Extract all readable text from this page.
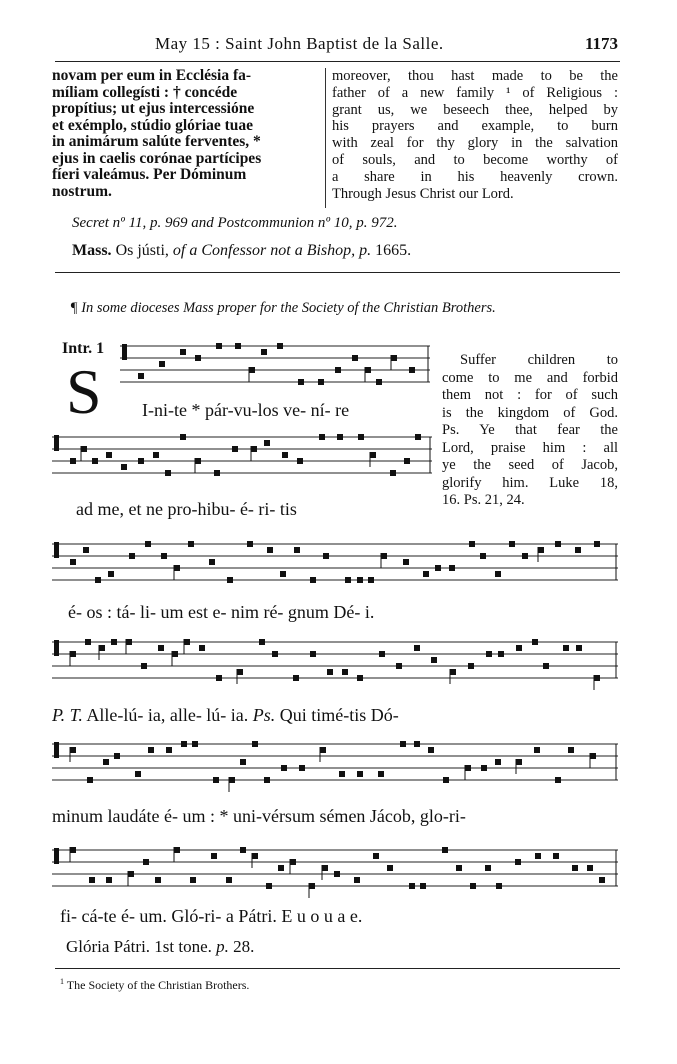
May 15 : Saint John Baptist de la Salle.	1173
novam per eum in Ecclésia fa-
míliam collegísti : † concéde
propítius; ut ejus intercessióne
et exémplo, stúdio glóriae tuae
in animárum salúte ferventes, *
ejus in caelis corónae partícipes
fíeri valeámus. Per Dóminum
nostrum.
moreover, thou hast made to be the
father of a new family ¹ of Religious :
grant us, we beseech thee, helped by
his prayers and example, to burn
with zeal for thy glory in the salvation
of souls, and to become worthy of
a share in his heavenly crown.
Through Jesus Christ our Lord.
Secret nº 11, p. 969 and Postcommunion nº 10, p. 972.
Mass. Os jústi, of a Confessor not a Bishop, p. 1665.
¶ In some dioceses Mass proper for the Society of the Christian Brothers.
Intr. 1
S I-ni-te * pár-vu-los ve- ní- re
ad me, et ne pro-hibu- é- ri- tis
é- os : tá- li- um est e- nim ré- gnum Dé- i.
P. T. Alle-lú- ia, alle- lú- ia. Ps. Qui timé-tis Dó-
minum laudáte é- um : * uni-vérsum sémen Jácob, glo-ri-
fi- cá-te é- um. Gló-ri- a Pátri. E u o u a e.
Suffer children to
come to me and forbid
them not : for of such
is the kingdom of God.
Ps. Ye that fear the
Lord, praise him : all
ye the seed of Jacob,
glorify him. Luke 18,
16. Ps. 21, 24.
Glória Pátri. 1st tone. p. 28.
$^1$ The Society of the Christian Brothers.
